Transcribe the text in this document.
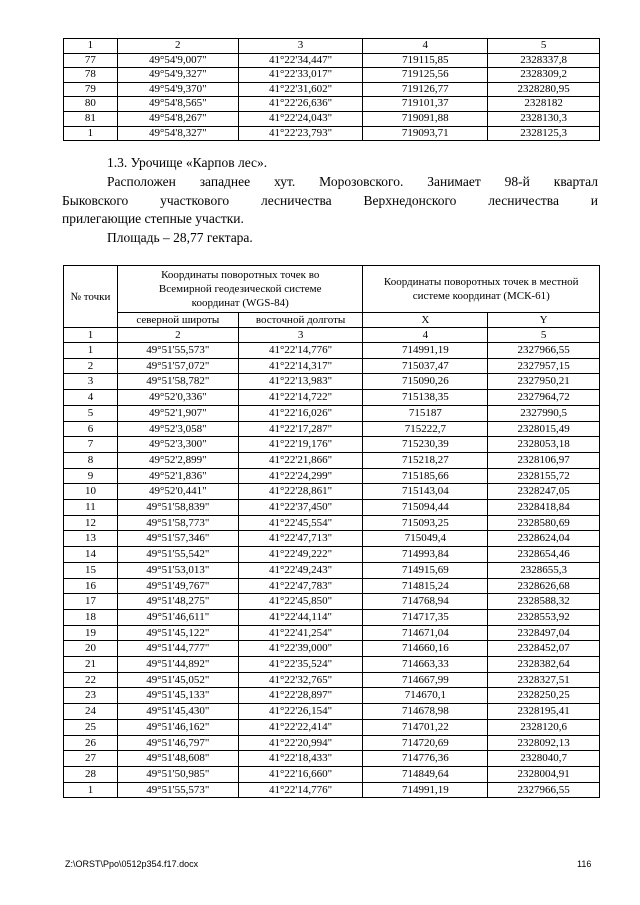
1	2	3	4	5
77	49°54'9,007"	41°22'34,447"	719115,85	2328337,8
78	49°54'9,327"	41°22'33,017"	719125,56	2328309,2
79	49°54'9,370"	41°22'31,602"	719126,77	2328280,95
80	49°54'8,565"	41°22'26,636"	719101,37	2328182
81	49°54'8,267"	41°22'24,043"	719091,88	2328130,3
1	49°54'8,327"	41°22'23,793"	719093,71	2328125,3

1.3. Урочище «Карпов лес».

Расположен западнее хут. Морозовского. Занимает 98-й квартал

Быковского участкового лесничества Верхнедонского лесничества и

прилегающие степные участки.

Площадь – 28,77 гектара.

№ точки	Координаты поворотных точек во Всемирной геодезической системе координат (WGS-84)		Координаты поворотных точек в местной системе координат (МСК-61)	
	северной широты	восточной долготы	X	Y
1	2	3	4	5
1	49°51'55,573"	41°22'14,776"	714991,19	2327966,55
2	49°51'57,072"	41°22'14,317"	715037,47	2327957,15
3	49°51'58,782"	41°22'13,983"	715090,26	2327950,21
4	49°52'0,336"	41°22'14,722"	715138,35	2327964,72
5	49°52'1,907"	41°22'16,026"	715187	2327990,5
6	49°52'3,058"	41°22'17,287"	715222,7	2328015,49
7	49°52'3,300"	41°22'19,176"	715230,39	2328053,18
8	49°52'2,899"	41°22'21,866"	715218,27	2328106,97
9	49°52'1,836"	41°22'24,299"	715185,66	2328155,72
10	49°52'0,441"	41°22'28,861"	715143,04	2328247,05
11	49°51'58,839"	41°22'37,450"	715094,44	2328418,84
12	49°51'58,773"	41°22'45,554"	715093,25	2328580,69
13	49°51'57,346"	41°22'47,713"	715049,4	2328624,04
14	49°51'55,542"	41°22'49,222"	714993,84	2328654,46
15	49°51'53,013"	41°22'49,243"	714915,69	2328655,3
16	49°51'49,767"	41°22'47,783"	714815,24	2328626,68
17	49°51'48,275"	41°22'45,850"	714768,94	2328588,32
18	49°51'46,611"	41°22'44,114"	714717,35	2328553,92
19	49°51'45,122"	41°22'41,254"	714671,04	2328497,04
20	49°51'44,777"	41°22'39,000"	714660,16	2328452,07
21	49°51'44,892"	41°22'35,524"	714663,33	2328382,64
22	49°51'45,052"	41°22'32,765"	714667,99	2328327,51
23	49°51'45,133"	41°22'28,897"	714670,1	2328250,25
24	49°51'45,430"	41°22'26,154"	714678,98	2328195,41
25	49°51'46,162"	41°22'22,414"	714701,22	2328120,6
26	49°51'46,797"	41°22'20,994"	714720,69	2328092,13
27	49°51'48,608"	41°22'18,433"	714776,36	2328040,7
28	49°51'50,985"	41°22'16,660"	714849,64	2328004,91
1	49°51'55,573"	41°22'14,776"	714991,19	2327966,55
Z:\ORST\Ppo\0512p354.f17.docx	116
